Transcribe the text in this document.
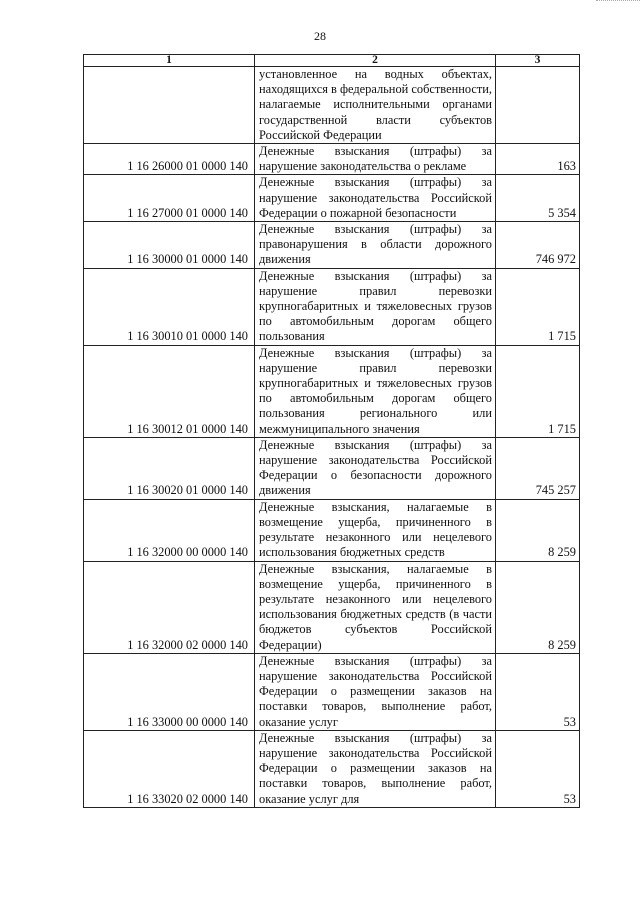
28
1	2	3
	установленное на водных объектах, находящихся в федеральной собственности, налагаемые исполнительными органами государственной власти субъектов Российской Федерации	
1 16 26000 01 0000 140	Денежные взыскания (штрафы) за нарушение законодательства о рекламе	163
1 16 27000 01 0000 140	Денежные взыскания (штрафы) за нарушение законодательства Российской Федерации о пожарной безопасности	5 354
1 16 30000 01 0000 140	Денежные взыскания (штрафы) за правонарушения в области дорожного движения	746 972
1 16 30010 01 0000 140	Денежные взыскания (штрафы) за нарушение правил перевозки крупногабаритных и тяжеловесных грузов по автомобильным дорогам общего пользования	1 715
1 16 30012 01 0000 140	Денежные взыскания (штрафы) за нарушение правил перевозки крупногабаритных и тяжеловесных грузов по автомобильным дорогам общего пользования регионального или межмуниципального значения	1 715
1 16 30020 01 0000 140	Денежные взыскания (штрафы) за нарушение законодательства Российской Федерации о безопасности дорожного движения	745 257
1 16 32000 00 0000 140	Денежные взыскания, налагаемые в возмещение ущерба, причиненного в результате незаконного или нецелевого использования бюджетных средств	8 259
1 16 32000 02 0000 140	Денежные взыскания, налагаемые в возмещение ущерба, причиненного в результате незаконного или нецелевого использования бюджетных средств (в части бюджетов субъектов Российской Федерации)	8 259
1 16 33000 00 0000 140	Денежные взыскания (штрафы) за нарушение законодательства Российской Федерации о размещении заказов на поставки товаров, выполнение работ, оказание услуг	53
1 16 33020 02 0000 140	Денежные взыскания (штрафы) за нарушение законодательства Российской Федерации о размещении заказов на поставки товаров, выполнение работ, оказание услуг для	53
